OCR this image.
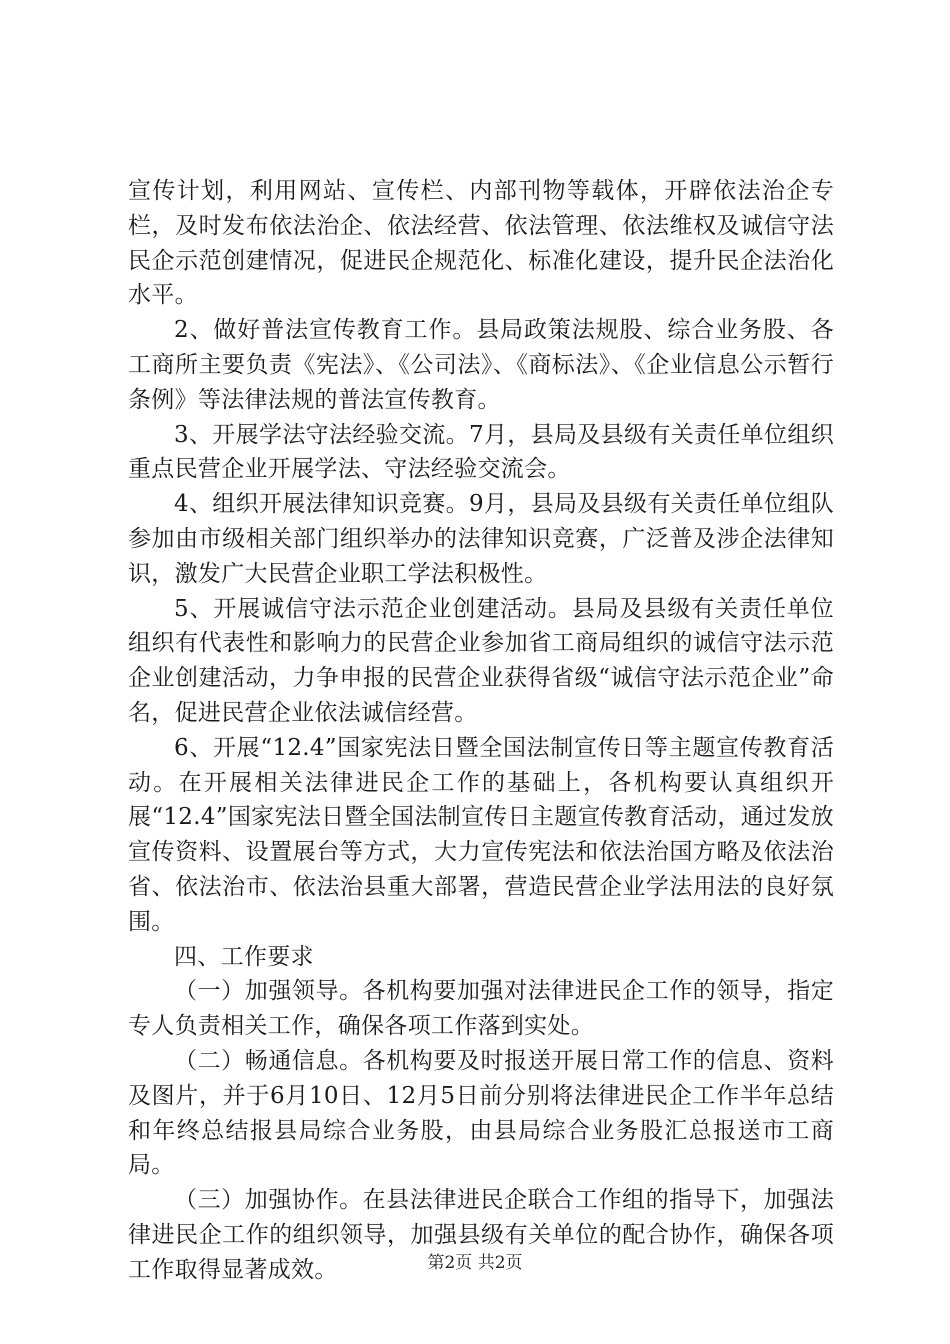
宣传计划，利用网站、宣传栏、内部刊物等载体，开辟依法治企专栏，及时发布依法治企、依法经营、依法管理、依法维权及诚信守法民企示范创建情况，促进民企规范化、标准化建设，提升民企法治化水平。

2、做好普法宣传教育工作。县局政策法规股、综合业务股、各工商所主要负责《宪法》、《公司法》、《商标法》、《企业信息公示暂行条例》等法律法规的普法宣传教育。

3、开展学法守法经验交流。7月，县局及县级有关责任单位组织重点民营企业开展学法、守法经验交流会。

4、组织开展法律知识竞赛。9月，县局及县级有关责任单位组队参加由市级相关部门组织举办的法律知识竞赛，广泛普及涉企法律知识，激发广大民营企业职工学法积极性。

5、开展诚信守法示范企业创建活动。县局及县级有关责任单位组织有代表性和影响力的民营企业参加省工商局组织的诚信守法示范企业创建活动，力争申报的民营企业获得省级“诚信守法示范企业”命名，促进民营企业依法诚信经营。

6、开展“12.4”国家宪法日暨全国法制宣传日等主题宣传教育活动。在开展相关法律进民企工作的基础上，各机构要认真组织开展“12.4”国家宪法日暨全国法制宣传日主题宣传教育活动，通过发放宣传资料、设置展台等方式，大力宣传宪法和依法治国方略及依法治省、依法治市、依法治县重大部署，营造民营企业学法用法的良好氛围。

四、工作要求

（一）加强领导。各机构要加强对法律进民企工作的领导，指定专人负责相关工作，确保各项工作落到实处。

（二）畅通信息。各机构要及时报送开展日常工作的信息、资料及图片，并于6月10日、12月5日前分别将法律进民企工作半年总结和年终总结报县局综合业务股，由县局综合业务股汇总报送市工商局。

（三）加强协作。在县法律进民企联合工作组的指导下，加强法律进民企工作的组织领导，加强县级有关单位的配合协作，确保各项工作取得显著成效。	第2页 共2页
